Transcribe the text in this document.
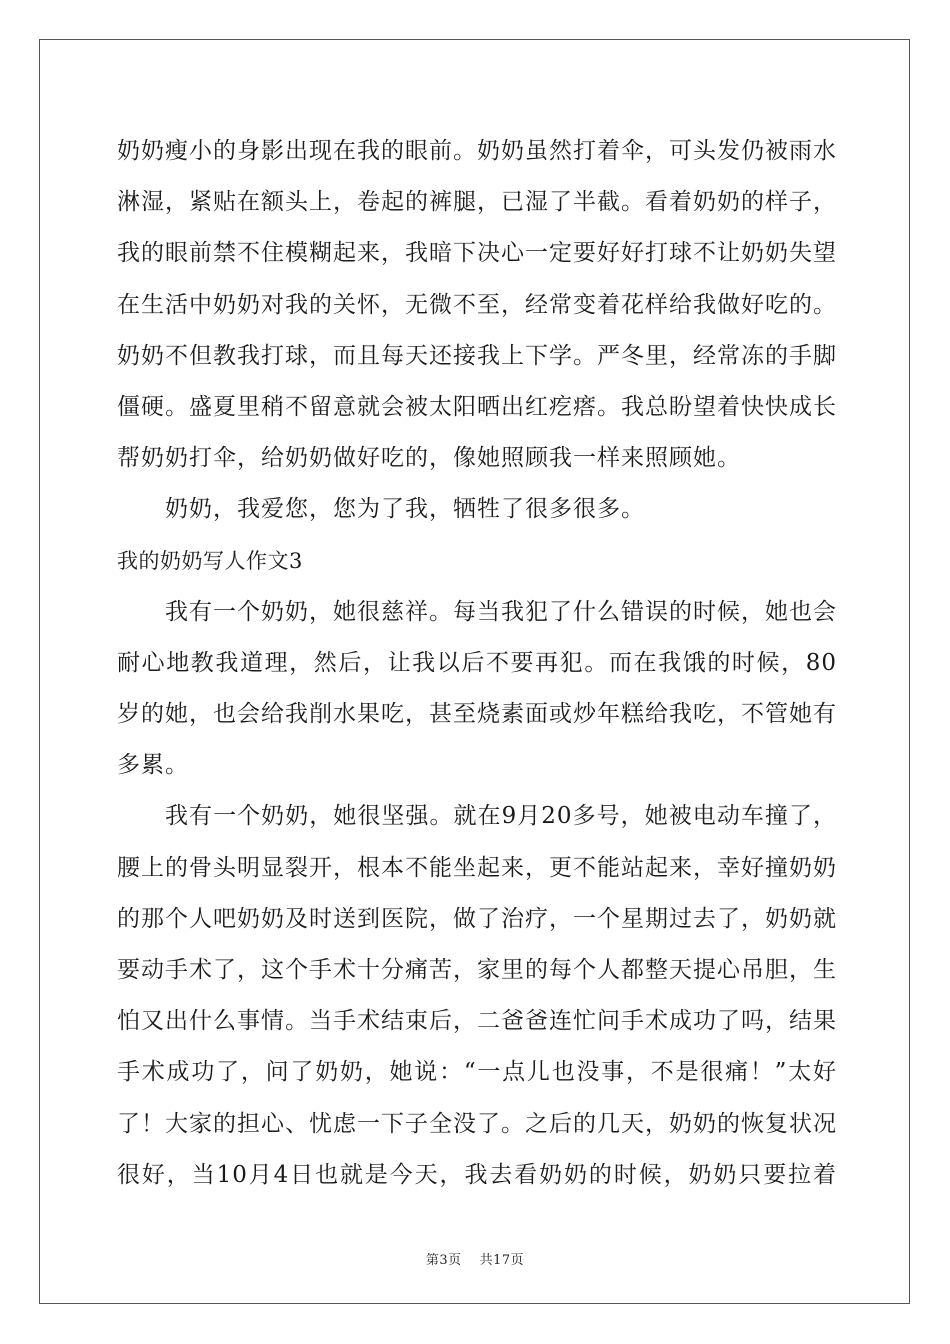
奶奶瘦小的身影出现在我的眼前。奶奶虽然打着伞，可头发仍被雨水
淋湿，紧贴在额头上，卷起的裤腿，已湿了半截。看着奶奶的样子，
我的眼前禁不住模糊起来，我暗下决心一定要好好打球不让奶奶失望
在生活中奶奶对我的关怀，无微不至，经常变着花样给我做好吃的。
奶奶不但教我打球，而且每天还接我上下学。严冬里，经常冻的手脚
僵硬。盛夏里稍不留意就会被太阳晒出红疙瘩。我总盼望着快快成长
帮奶奶打伞，给奶奶做好吃的，像她照顾我一样来照顾她。
奶奶，我爱您，您为了我，牺牲了很多很多。
我的奶奶写人作文3
我有一个奶奶，她很慈祥。每当我犯了什么错误的时候，她也会
耐心地教我道理，然后，让我以后不要再犯。而在我饿的时候，80
岁的她，也会给我削水果吃，甚至烧素面或炒年糕给我吃，不管她有
多累。
我有一个奶奶，她很坚强。就在9月20多号，她被电动车撞了，
腰上的骨头明显裂开，根本不能坐起来，更不能站起来，幸好撞奶奶
的那个人吧奶奶及时送到医院，做了治疗，一个星期过去了，奶奶就
要动手术了，这个手术十分痛苦，家里的每个人都整天提心吊胆，生
怕又出什么事情。当手术结束后，二爸爸连忙问手术成功了吗，结果
手术成功了，问了奶奶，她说：“一点儿也没事，不是很痛！”太好
了！大家的担心、忧虑一下子全没了。之后的几天，奶奶的恢复状况
很好，当10月4日也就是今天，我去看奶奶的时候，奶奶只要拉着
第3页 共17页
